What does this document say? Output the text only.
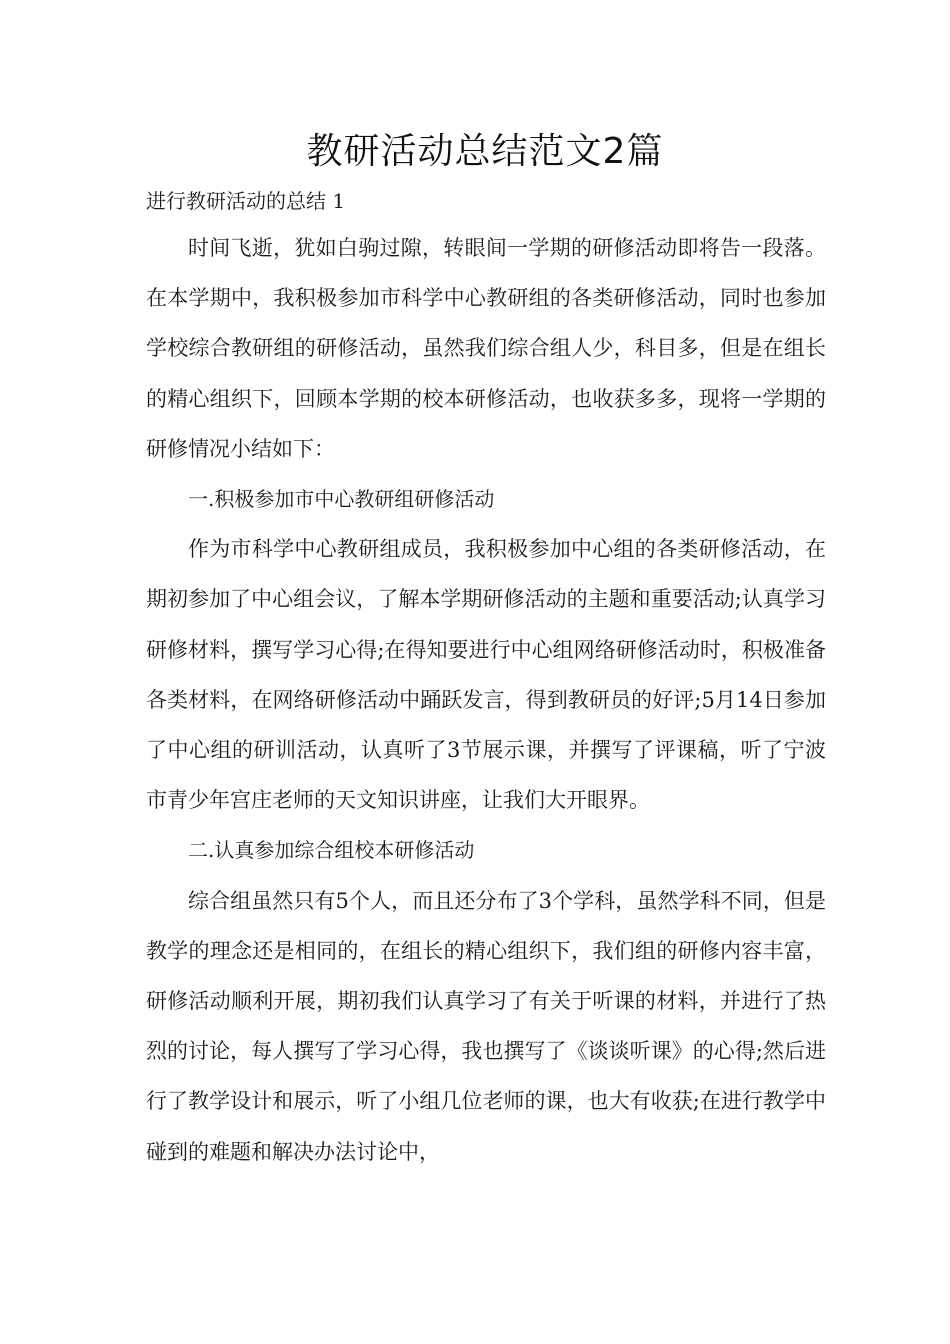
教研活动总结范文2篇

进行教研活动的总结 1

时间飞逝，犹如白驹过隙，转眼间一学期的研修活动即将告一段落。在本学期中，我积极参加市科学中心教研组的各类研修活动，同时也参加学校综合教研组的研修活动，虽然我们综合组人少，科目多，但是在组长的精心组织下，回顾本学期的校本研修活动，也收获多多，现将一学期的研修情况小结如下：

一.积极参加市中心教研组研修活动

作为市科学中心教研组成员，我积极参加中心组的各类研修活动，在期初参加了中心组会议，了解本学期研修活动的主题和重要活动;认真学习研修材料，撰写学习心得;在得知要进行中心组网络研修活动时，积极准备各类材料，在网络研修活动中踊跃发言，得到教研员的好评;5月14日参加了中心组的研训活动，认真听了3节展示课，并撰写了评课稿，听了宁波市青少年宫庄老师的天文知识讲座，让我们大开眼界。

二.认真参加综合组校本研修活动

综合组虽然只有5个人，而且还分布了3个学科，虽然学科不同，但是教学的理念还是相同的，在组长的精心组织下，我们组的研修内容丰富，研修活动顺利开展，期初我们认真学习了有关于听课的材料，并进行了热烈的讨论，每人撰写了学习心得，我也撰写了《谈谈听课》的心得;然后进行了教学设计和展示，听了小组几位老师的课，也大有收获;在进行教学中碰到的难题和解决办法讨论中，
